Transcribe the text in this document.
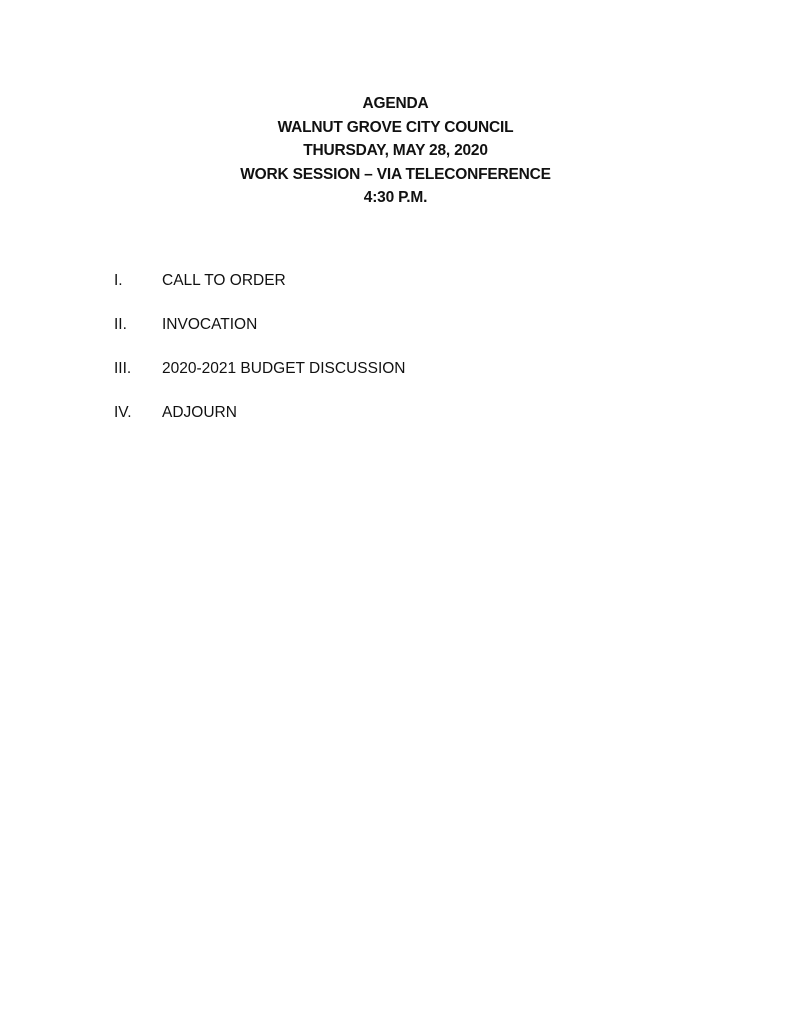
AGENDA
WALNUT GROVE CITY COUNCIL
THURSDAY, MAY 28, 2020
WORK SESSION – VIA TELECONFERENCE
4:30 P.M.
I.	CALL TO ORDER
II.	INVOCATION
III.	2020-2021 BUDGET DISCUSSION
IV.	ADJOURN
